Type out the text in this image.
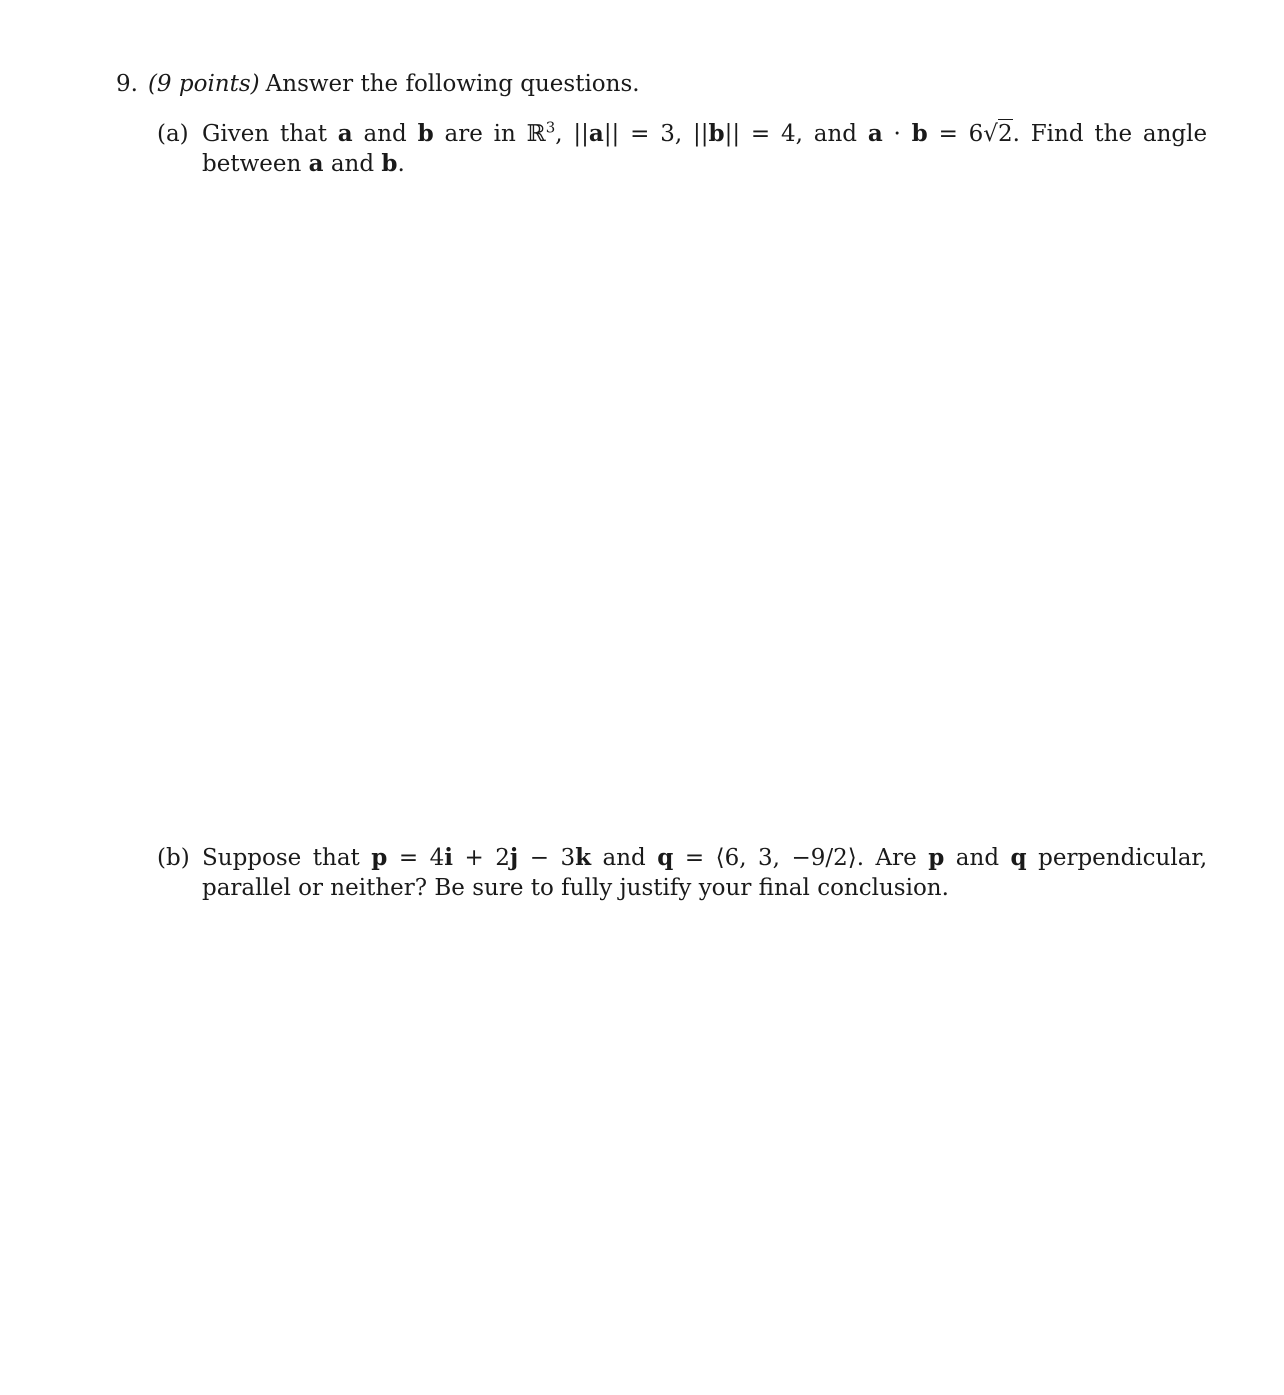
9. (9 points) Answer the following questions.
(a) Given that a and b are in ℝ$^3$, ||a|| = 3, ||b|| = 4, and a · b = 6√2. Find the angle between a and b.
(b) Suppose that p = 4i + 2j − 3k and q = ⟨6, 3, −9/2⟩. Are p and q perpendicular, parallel or neither? Be sure to fully justify your final conclusion.
